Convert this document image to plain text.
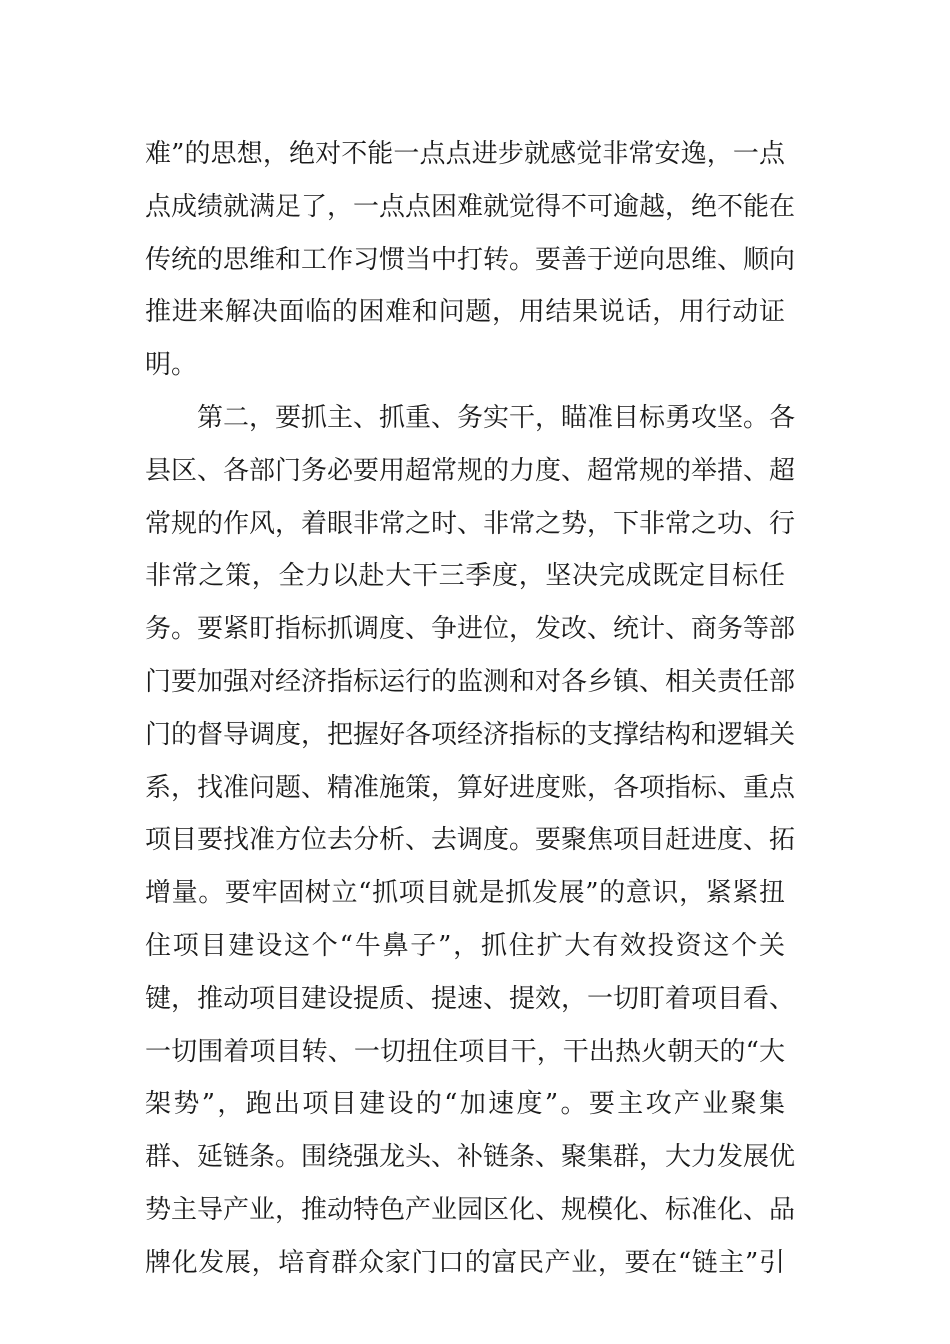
难”的思想，绝对不能一点点进步就感觉非常安逸，一点
点成绩就满足了，一点点困难就觉得不可逾越，绝不能在
传统的思维和工作习惯当中打转。要善于逆向思维、顺向
推进来解决面临的困难和问题，用结果说话，用行动证
明。
第二，要抓主、抓重、务实干，瞄准目标勇攻坚。各
县区、各部门务必要用超常规的力度、超常规的举措、超
常规的作风，着眼非常之时、非常之势，下非常之功、行
非常之策，全力以赴大干三季度，坚决完成既定目标任
务。要紧盯指标抓调度、争进位，发改、统计、商务等部
门要加强对经济指标运行的监测和对各乡镇、相关责任部
门的督导调度，把握好各项经济指标的支撑结构和逻辑关
系，找准问题、精准施策，算好进度账，各项指标、重点
项目要找准方位去分析、去调度。要聚焦项目赶进度、拓
增量。要牢固树立“抓项目就是抓发展”的意识，紧紧扭
住项目建设这个“牛鼻子”，抓住扩大有效投资这个关
键，推动项目建设提质、提速、提效，一切盯着项目看、
一切围着项目转、一切扭住项目干，干出热火朝天的“大
架势”，跑出项目建设的“加速度”。要主攻产业聚集
群、延链条。围绕强龙头、补链条、聚集群，大力发展优
势主导产业，推动特色产业园区化、规模化、标准化、品
牌化发展，培育群众家门口的富民产业，要在“链主”引
